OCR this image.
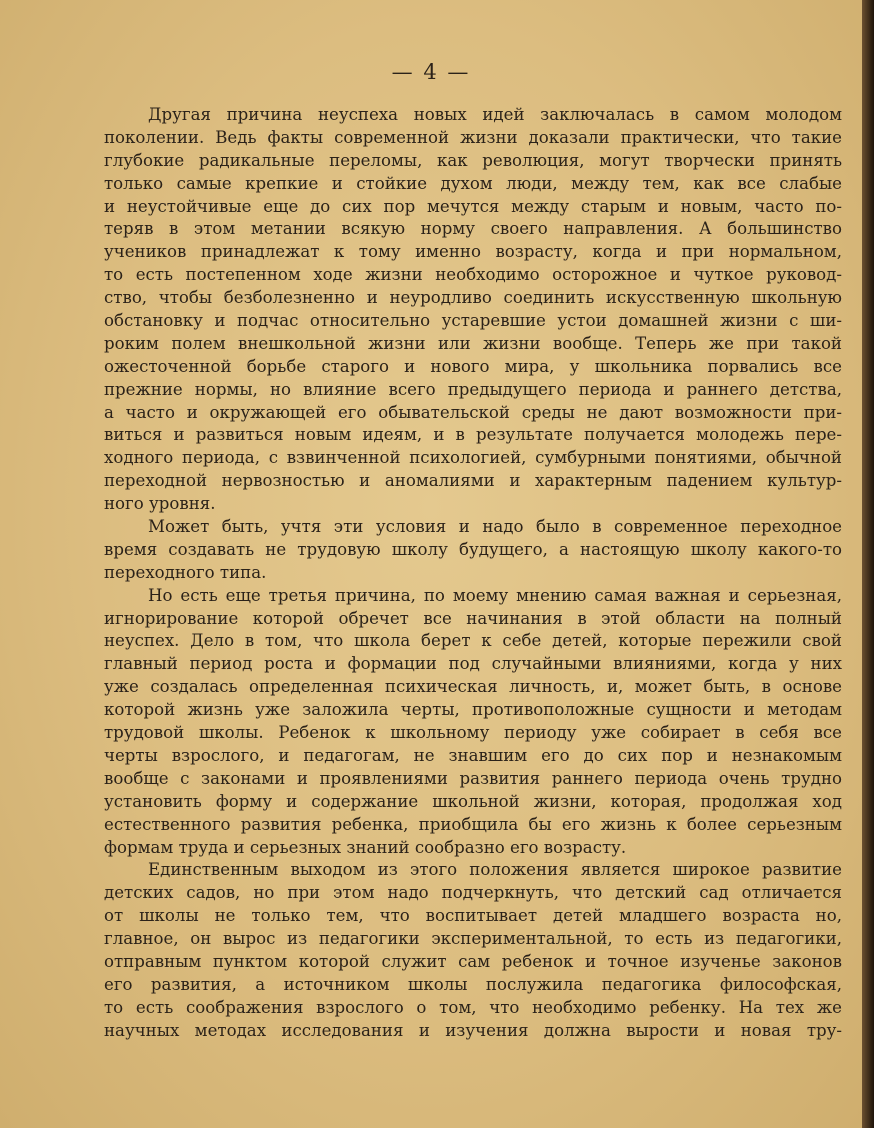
— 4 —
Другая причина неуспеха новых идей заключалась в самом молодом
поколении. Ведь факты современной жизни доказали практически, что такие
глубокие радикальные переломы, как революция, могут творчески принять
только самые крепкие и стойкие духом люди, между тем, как все слабые
и неустойчивые еще до сих пор мечутся между старым и новым, часто по-
теряв в этом метании всякую норму своего направления. А большинство
учеников принадлежат к тому именно возрасту, когда и при нормальном,
то есть постепенном ходе жизни необходимо осторожное и чуткое руковод-
ство, чтобы безболезненно и неуродливо соединить искусственную школьную
обстановку и подчас относительно устаревшие устои домашней жизни с ши-
роким полем внешкольной жизни или жизни вообще. Теперь же при такой
ожесточенной борьбе старого и нового мира, у школьника порвались все
прежние нормы, но влияние всего предыдущего периода и раннего детства,
а часто и окружающей его обывательской среды не дают возможности при-
виться и развиться новым идеям, и в результате получается молодежь пере-
ходного периода, с взвинченной психологией, сумбурными понятиями, обычной
переходной нервозностью и аномалиями и характерным падением культур-
ного уровня.
Может быть, учтя эти условия и надо было в современное переходное
время создавать не трудовую школу будущего, а настоящую школу какого-то
переходного типа.
Но есть еще третья причина, по моему мнению самая важная и серьезная,
игнорирование которой обречет все начинания в этой области на полный
неуспех. Дело в том, что школа берет к себе детей, которые пережили свой
главный период роста и формации под случайными влияниями, когда у них
уже создалась определенная психическая личность, и, может быть, в основе
которой жизнь уже заложила черты, противоположные сущности и методам
трудовой школы. Ребенок к школьному периоду уже собирает в себя все
черты взрослого, и педагогам, не знавшим его до сих пор и незнакомым
вообще с законами и проявлениями развития раннего периода очень трудно
установить форму и содержание школьной жизни, которая, продолжая ход
естественного развития ребенка, приобщила бы его жизнь к более серьезным
формам труда и серьезных знаний сообразно его возрасту.
Единственным выходом из этого положения является широкое развитие
детских садов, но при этом надо подчеркнуть, что детский сад отличается
от школы не только тем, что воспитывает детей младшего возраста но,
главное, он вырос из педагогики экспериментальной, то есть из педагогики,
отправным пунктом которой служит сам ребенок и точное изученье законов
его развития, а источником школы послужила педагогика философская,
то есть соображения взрослого о том, что необходимо ребенку. На тех же
научных методах исследования и изучения должна вырости и новая тру-
